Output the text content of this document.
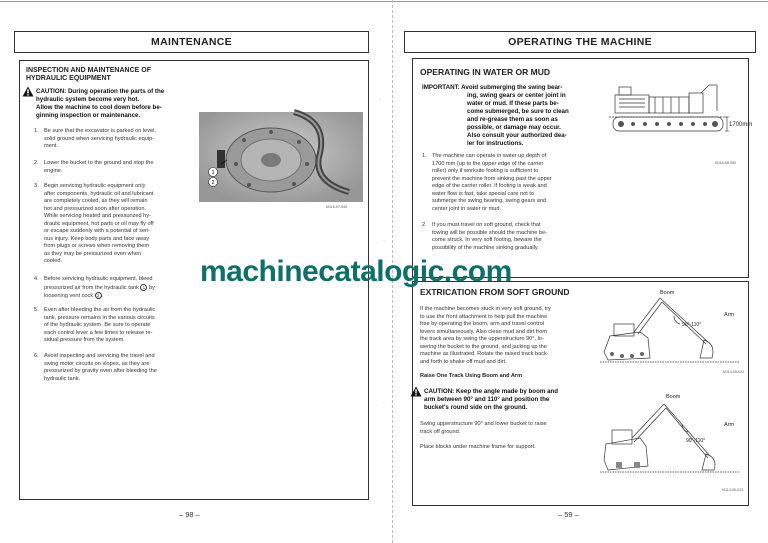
MAINTENANCE
INSPECTION AND MAINTENANCE OF
HYDRAULIC EQUIPMENT
CAUTION: During operation the parts of the
hydraulic system become very hot.
Allow the machine to cool down before be-
ginning inspection or maintenance.
1. Be sure that the excavator is parked on level,
solid ground when servicing hydraulic equip-
ment.
2. Lower the bucket to the ground and stop the
engine.
3. Begin servicing hydraulic equipment only
after components, hydraulic oil and lubricant
are completely cooled, as they will remain
hot and pressurized soon after operation.
While servicing heated and pressurized hy-
draulic equipment, hot parts or oil may fly off
or escape suddenly with a potential of seri-
ous injury. Keep body parts and face away
from plugs or screws when removing them
as they may be pressurized even when
cooled.
4. Before servicing hydraulic equipment, bleed
pressurized air from the hydraulic tank 1 by
loosening vent cock 2 .
5. Even after bleeding the air from the hydraulic
tank, pressure remains in the various circuits
of the hydraulic system. Be sure to operate
each control lever a few times to release re-
sidual pressure from the system.
6. Avoid inspecting and servicing the travel and
swing motor circuits on slopes, as they are
pressurized by gravity even after bleeding the
hydraulic tank.
1
2
M116-97-040
– 98 –
·
·
·
OPERATING THE MACHINE
OPERATING IN WATER OR MUD
IMPORTANT: Avoid submerging the swing bear-
ing, swing gears or center joint in
water or mud. If these parts be-
come submerged, be sure to clean
and re-grease them as soon as
possible, or damage may occur.
Also consult your authorized dea-
ler for instructions.
1700mm
M115-65-950
1. The machine can operate in water up depth of
1700 mm (up to the upper edge of the carrier
roller) only if worksite footing is sufficient to
prevent the machine from sinking past the upper
edge of the carrier roller. If footing is weak and
water flow is fast, take special care not to
submerge the swing bearing, swing gears and
center joint in water or mud.
2. If you must travel on soft ground, check that
towing will be possible should the machine be-
come struck. In very soft footing, beware the
possibility of the machine sinking gradually.
EXTRICATION FROM SOFT GROUND
If the machine becomes stuck in very soft ground, try
to use the front attachment to help pull the machine
free by operating the boom, arm and travel control
levers simultaneously. Also clean mud and dirt from
the track area by swing the upperstructure 90°, lo-
wering the bucket to the ground, and jacking up the
machine as illustrated. Rotate the raised track back
and forth to shake off mud and dirt.
Raise One Track Using Boom and Arm
CAUTION: Keep the angle made by boom and
arm between 90° and 110° and position the
bucket's round side on the ground.
Swing upperstructure 90° and lower bucket to raise
track off ground.
Place blocks under machine frame for support.
Boom
Arm
90°-110°
M114-05-022
Boom
Arm
90°-110°
M114-05-023
– 59 –
machinecatalogic.com
